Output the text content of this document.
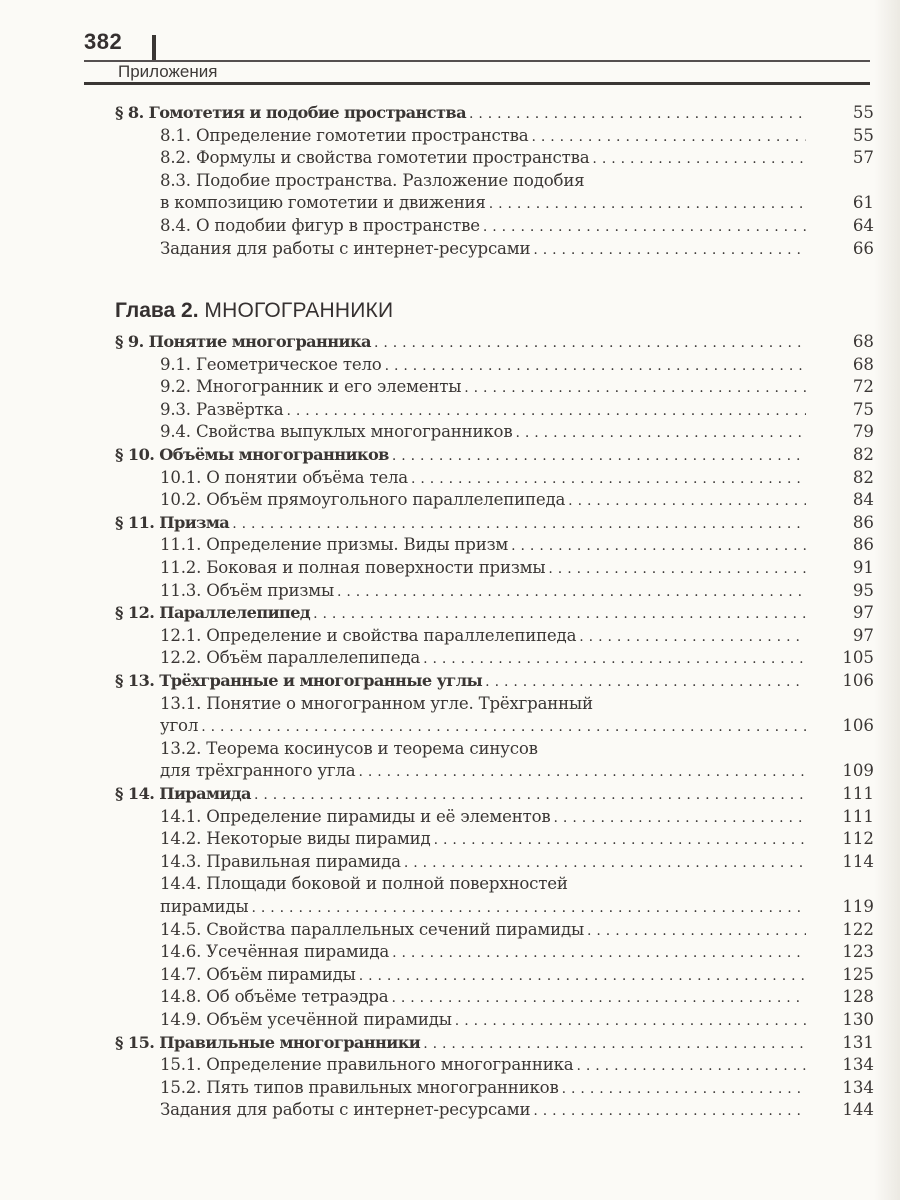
382
Приложения
§ 8. Гомотетия и подобие пространства . . .	55
8.1. Определение гомотетии пространства . . .	55
8.2. Формулы и свойства гомотетии пространства . . .	57
8.3. Подобие пространства. Разложение подобия
в композицию гомотетии и движения . . .	61
8.4. О подобии фигур в пространстве . . .	64
Задания для работы с интернет-ресурсами . . .	66
Глава 2. МНОГОГРАННИКИ
§ 9. Понятие многогранника . . .	68
9.1. Геометрическое тело . . .	68
9.2. Многогранник и его элементы . . .	72
9.3. Развёртка . . .	75
9.4. Свойства выпуклых многогранников . . .	79
§ 10. Объёмы многогранников . . .	82
10.1. О понятии объёма тела . . .	82
10.2. Объём прямоугольного параллелепипеда . . .	84
§ 11. Призма . . .	86
11.1. Определение призмы. Виды призм . . .	86
11.2. Боковая и полная поверхности призмы . . .	91
11.3. Объём призмы . . .	95
§ 12. Параллелепипед . . .	97
12.1. Определение и свойства параллелепипеда . . .	97
12.2. Объём параллелепипеда . . .	105
§ 13. Трёхгранные и многогранные углы . . .	106
13.1. Понятие о многогранном угле. Трёхгранный
угол . . .	106
13.2. Теорема косинусов и теорема синусов
для трёхгранного угла . . .	109
§ 14. Пирамида . . .	111
14.1. Определение пирамиды и её элементов . . .	111
14.2. Некоторые виды пирамид . . .	112
14.3. Правильная пирамида . . .	114
14.4. Площади боковой и полной поверхностей
пирамиды . . .	119
14.5. Свойства параллельных сечений пирамиды . . .	122
14.6. Усечённая пирамида . . .	123
14.7. Объём пирамиды . . .	125
14.8. Об объёме тетраэдра . . .	128
14.9. Объём усечённой пирамиды . . .	130
§ 15. Правильные многогранники . . .	131
15.1. Определение правильного многогранника . . .	134
15.2. Пять типов правильных многогранников . . .	134
Задания для работы с интернет-ресурсами . . .	144
